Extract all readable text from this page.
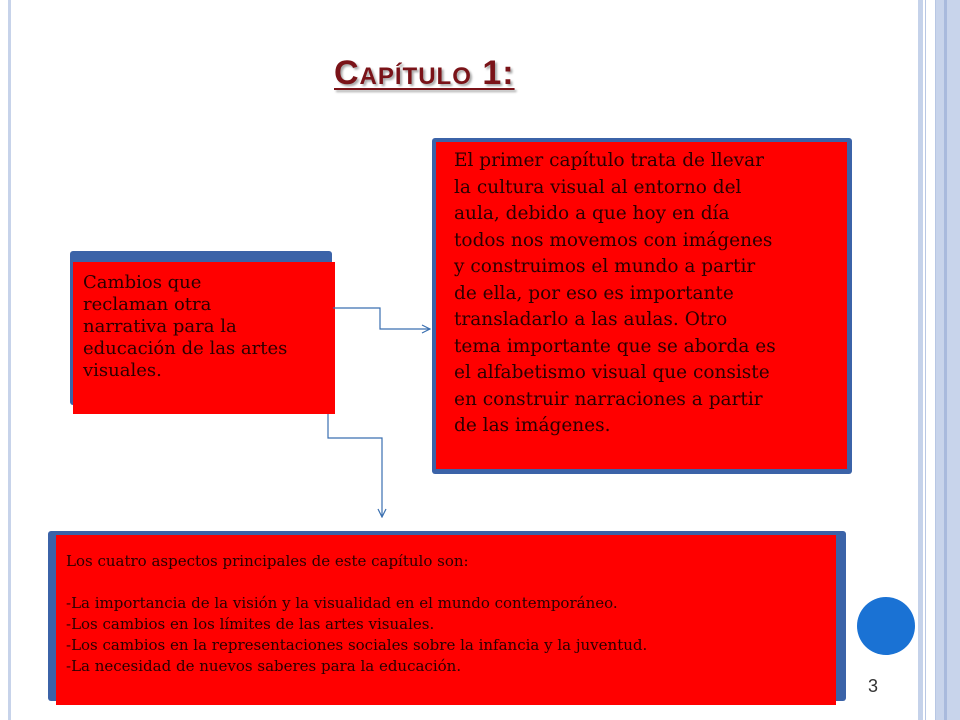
Capítulo 1:
Cambios que
reclaman otra
narrativa para la
educación de las artes
visuales.
El primer capítulo trata de llevar
la cultura visual al entorno del
aula, debido a que hoy en día
todos nos movemos con imágenes
y construimos el mundo a partir
de ella, por eso es importante
transladarlo a las aulas. Otro
tema importante que se aborda es
el alfabetismo visual que consiste
en construir narraciones a partir
de las imágenes.
Los cuatro aspectos principales de este capítulo son:
-La importancia de la visión y la visualidad en el mundo contemporáneo.
-Los cambios en los límites de las artes visuales.
-Los cambios en la representaciones sociales sobre la infancia y la juventud.
-La necesidad de nuevos saberes para la educación.
3
